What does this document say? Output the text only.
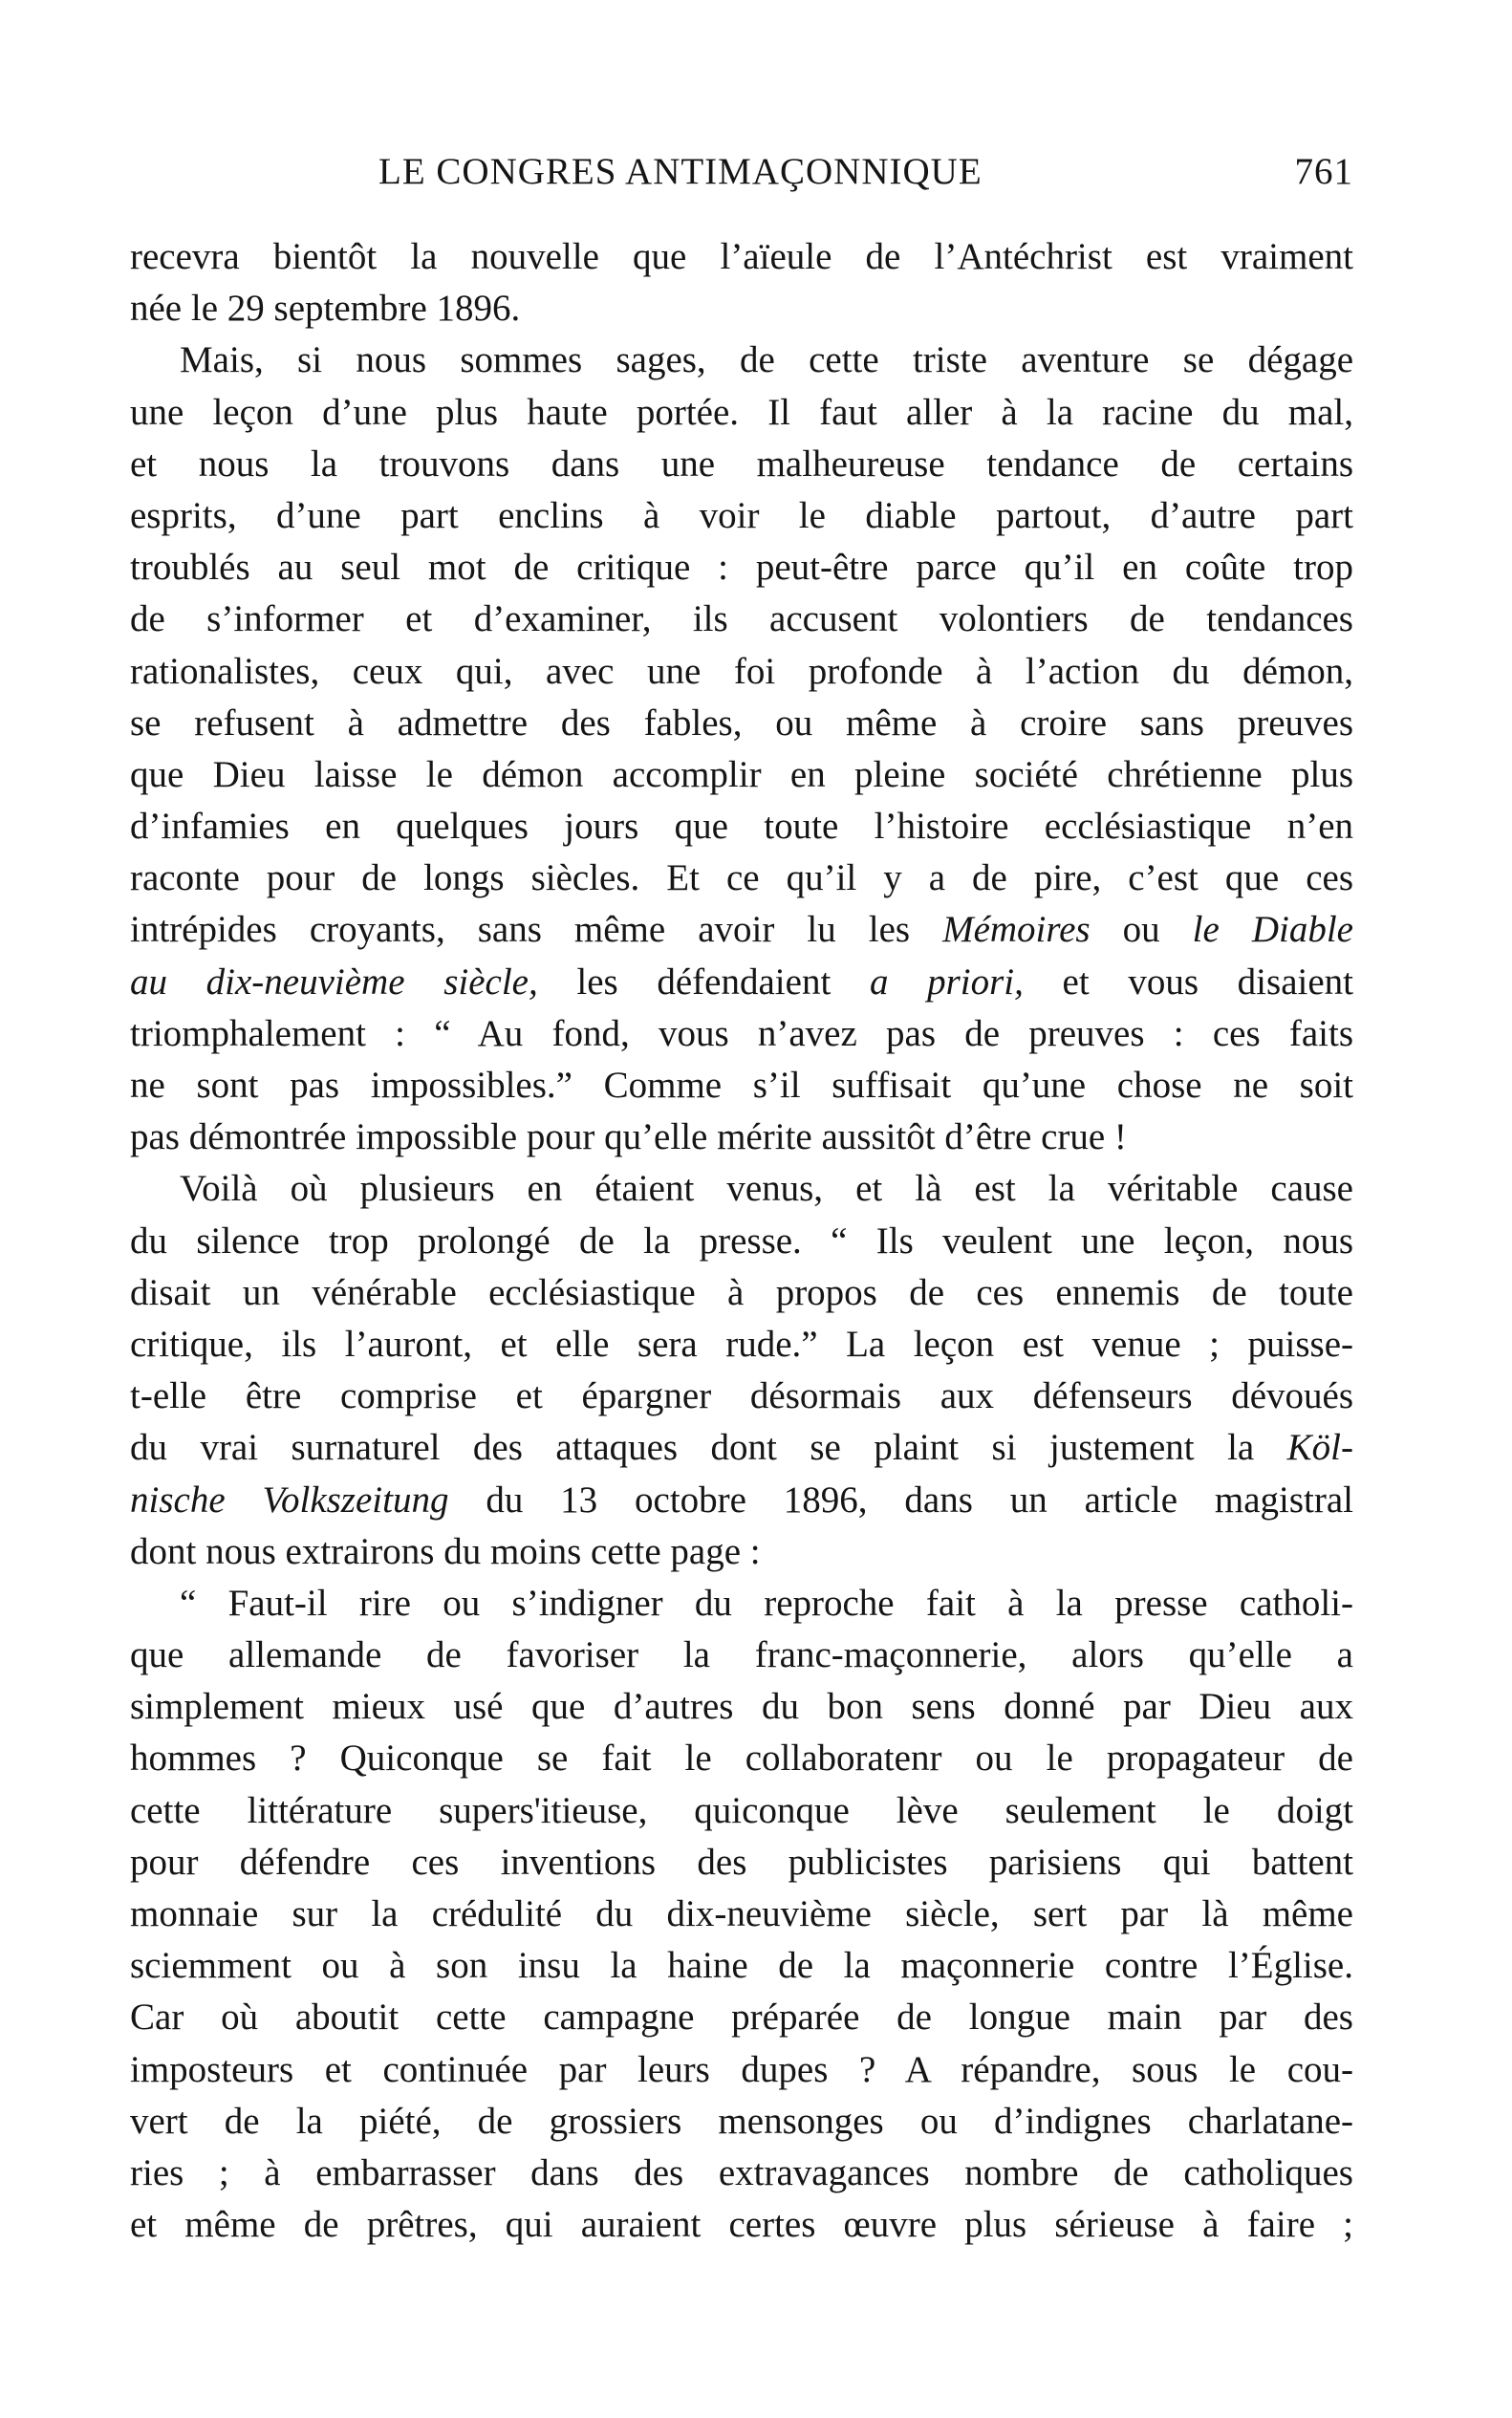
LE CONGRES ANTIMAÇONNIQUE	761
recevra bientôt la nouvelle que l’aïeule de l’Antéchrist est vraiment
née le 29 septembre 1896.
Mais, si nous sommes sages, de cette triste aventure se dégage
une leçon d’une plus haute portée. Il faut aller à la racine du mal,
et nous la trouvons dans une malheureuse tendance de certains
esprits, d’une part enclins à voir le diable partout, d’autre part
troublés au seul mot de critique : peut-être parce qu’il en coûte trop
de s’informer et d’examiner, ils accusent volontiers de tendances
rationalistes, ceux qui, avec une foi profonde à l’action du démon,
se refusent à admettre des fables, ou même à croire sans preuves
que Dieu laisse le démon accomplir en pleine société chrétienne plus
d’infamies en quelques jours que toute l’histoire ecclésiastique n’en
raconte pour de longs siècles. Et ce qu’il y a de pire, c’est que ces
intrépides croyants, sans même avoir lu les Mémoires ou le Diable
au dix-neuvième siècle, les défendaient a priori, et vous disaient
triomphalement : “ Au fond, vous n’avez pas de preuves : ces faits
ne sont pas impossibles.” Comme s’il suffisait qu’une chose ne soit
pas démontrée impossible pour qu’elle mérite aussitôt d’être crue !
Voilà où plusieurs en étaient venus, et là est la véritable cause
du silence trop prolongé de la presse. “ Ils veulent une leçon, nous
disait un vénérable ecclésiastique à propos de ces ennemis de toute
critique, ils l’auront, et elle sera rude.” La leçon est venue ; puisse-
t-elle être comprise et épargner désormais aux défenseurs dévoués
du vrai surnaturel des attaques dont se plaint si justement la Köl-
nische Volkszeitung du 13 octobre 1896, dans un article magistral
dont nous extrairons du moins cette page :
“ Faut-il rire ou s’indigner du reproche fait à la presse catholi-
que allemande de favoriser la franc-maçonnerie, alors qu’elle a
simplement mieux usé que d’autres du bon sens donné par Dieu aux
hommes ? Quiconque se fait le collaboratenr ou le propagateur de
cette littérature supers'itieuse, quiconque lève seulement le doigt
pour défendre ces inventions des publicistes parisiens qui battent
monnaie sur la crédulité du dix-neuvième siècle, sert par là même
sciemment ou à son insu la haine de la maçonnerie contre l’Église.
Car où aboutit cette campagne préparée de longue main par des
imposteurs et continuée par leurs dupes ? A répandre, sous le cou-
vert de la piété, de grossiers mensonges ou d’indignes charlatane-
ries ; à embarrasser dans des extravagances nombre de catholiques
et même de prêtres, qui auraient certes œuvre plus sérieuse à faire ;
